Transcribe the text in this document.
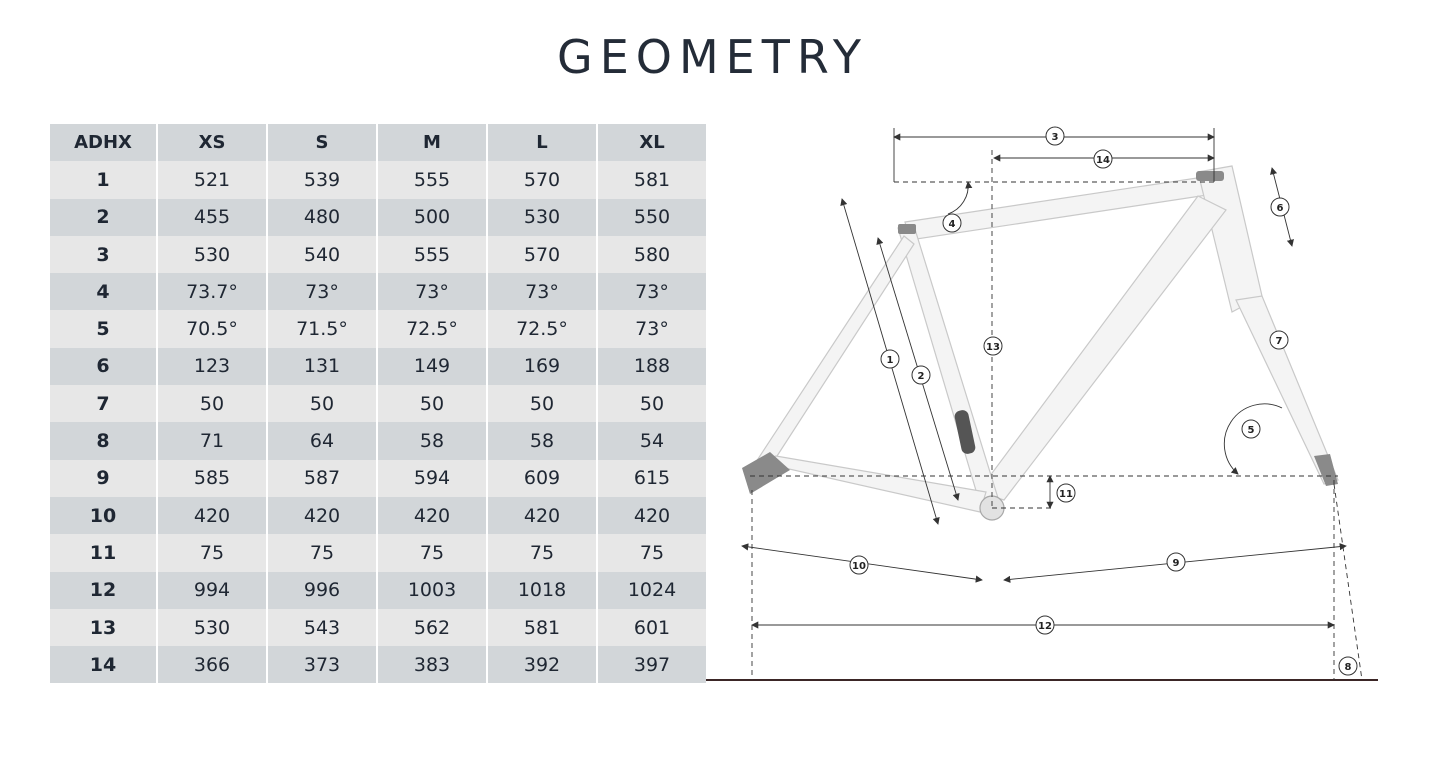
GEOMETRY
ADHX	XS	S	M	L	XL
1	521	539	555	570	581
2	455	480	500	530	550
3	530	540	555	570	580
4	73.7°	73°	73°	73°	73°
5	70.5°	71.5°	72.5°	72.5°	73°
6	123	131	149	169	188
7	50	50	50	50	50
8	71	64	58	58	54
9	585	587	594	609	615
10	420	420	420	420	420
11	75	75	75	75	75
12	994	996	1003	1018	1024
13	530	543	562	581	601
14	366	373	383	392	397
1
2
3
4
5
6
7
8
9
10
11
12
13
14
